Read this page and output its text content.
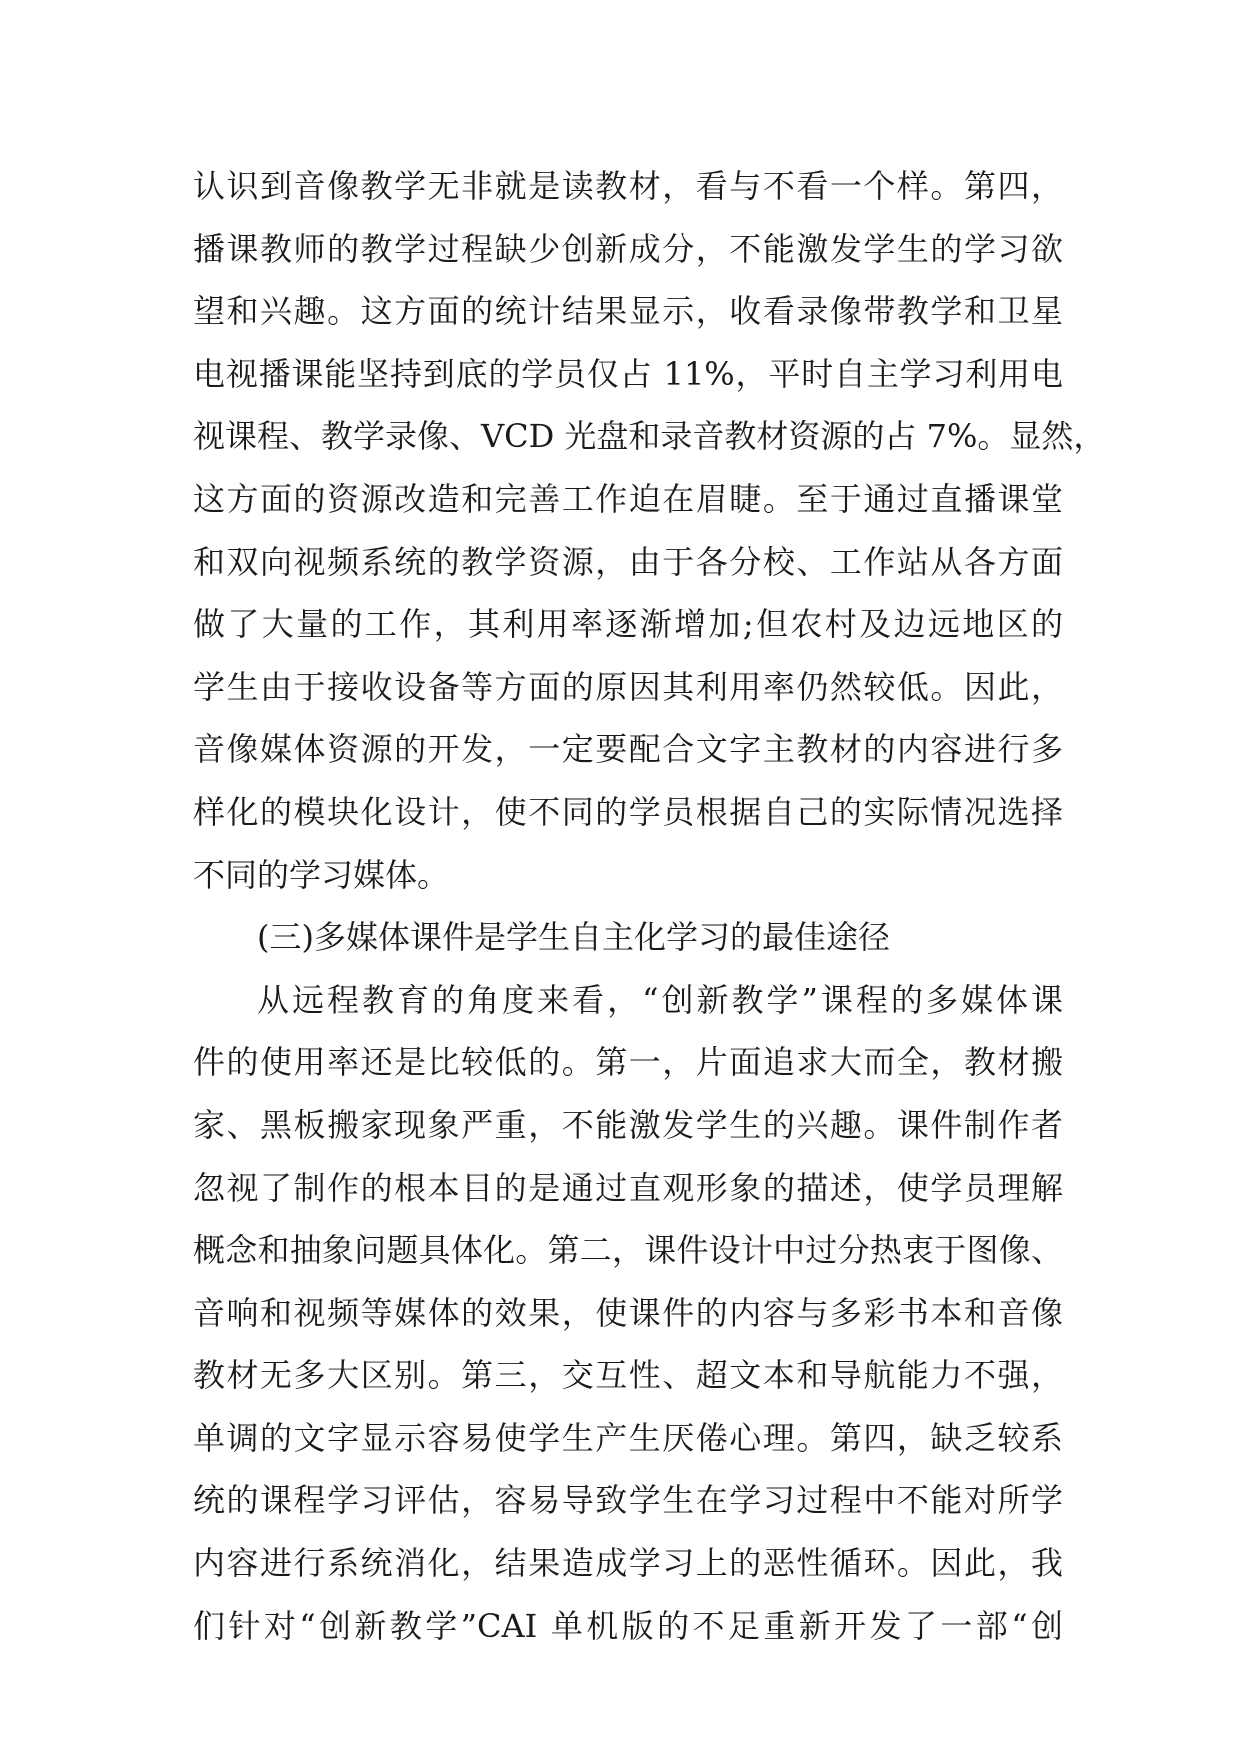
认识到音像教学无非就是读教材，看与不看一个样。第四，
播课教师的教学过程缺少创新成分，不能激发学生的学习欲
望和兴趣。这方面的统计结果显示，收看录像带教学和卫星
电视播课能坚持到底的学员仅占 11%，平时自主学习利用电
视课程、教学录像、VCD 光盘和录音教材资源的占 7%。显然，
这方面的资源改造和完善工作迫在眉睫。至于通过直播课堂
和双向视频系统的教学资源，由于各分校、工作站从各方面
做了大量的工作，其利用率逐渐增加;但农村及边远地区的
学生由于接收设备等方面的原因其利用率仍然较低。因此，
音像媒体资源的开发，一定要配合文字主教材的内容进行多
样化的模块化设计，使不同的学员根据自己的实际情况选择
不同的学习媒体。
(三)多媒体课件是学生自主化学习的最佳途径
从远程教育的角度来看，“创新教学”课程的多媒体课
件的使用率还是比较低的。第一，片面追求大而全，教材搬
家、黑板搬家现象严重，不能激发学生的兴趣。课件制作者
忽视了制作的根本目的是通过直观形象的描述，使学员理解
概念和抽象问题具体化。第二，课件设计中过分热衷于图像、
音响和视频等媒体的效果，使课件的内容与多彩书本和音像
教材无多大区别。第三，交互性、超文本和导航能力不强，
单调的文字显示容易使学生产生厌倦心理。第四，缺乏较系
统的课程学习评估，容易导致学生在学习过程中不能对所学
内容进行系统消化，结果造成学习上的恶性循环。因此，我
们针对“创新教学”CAI 单机版的不足重新开发了一部“创
